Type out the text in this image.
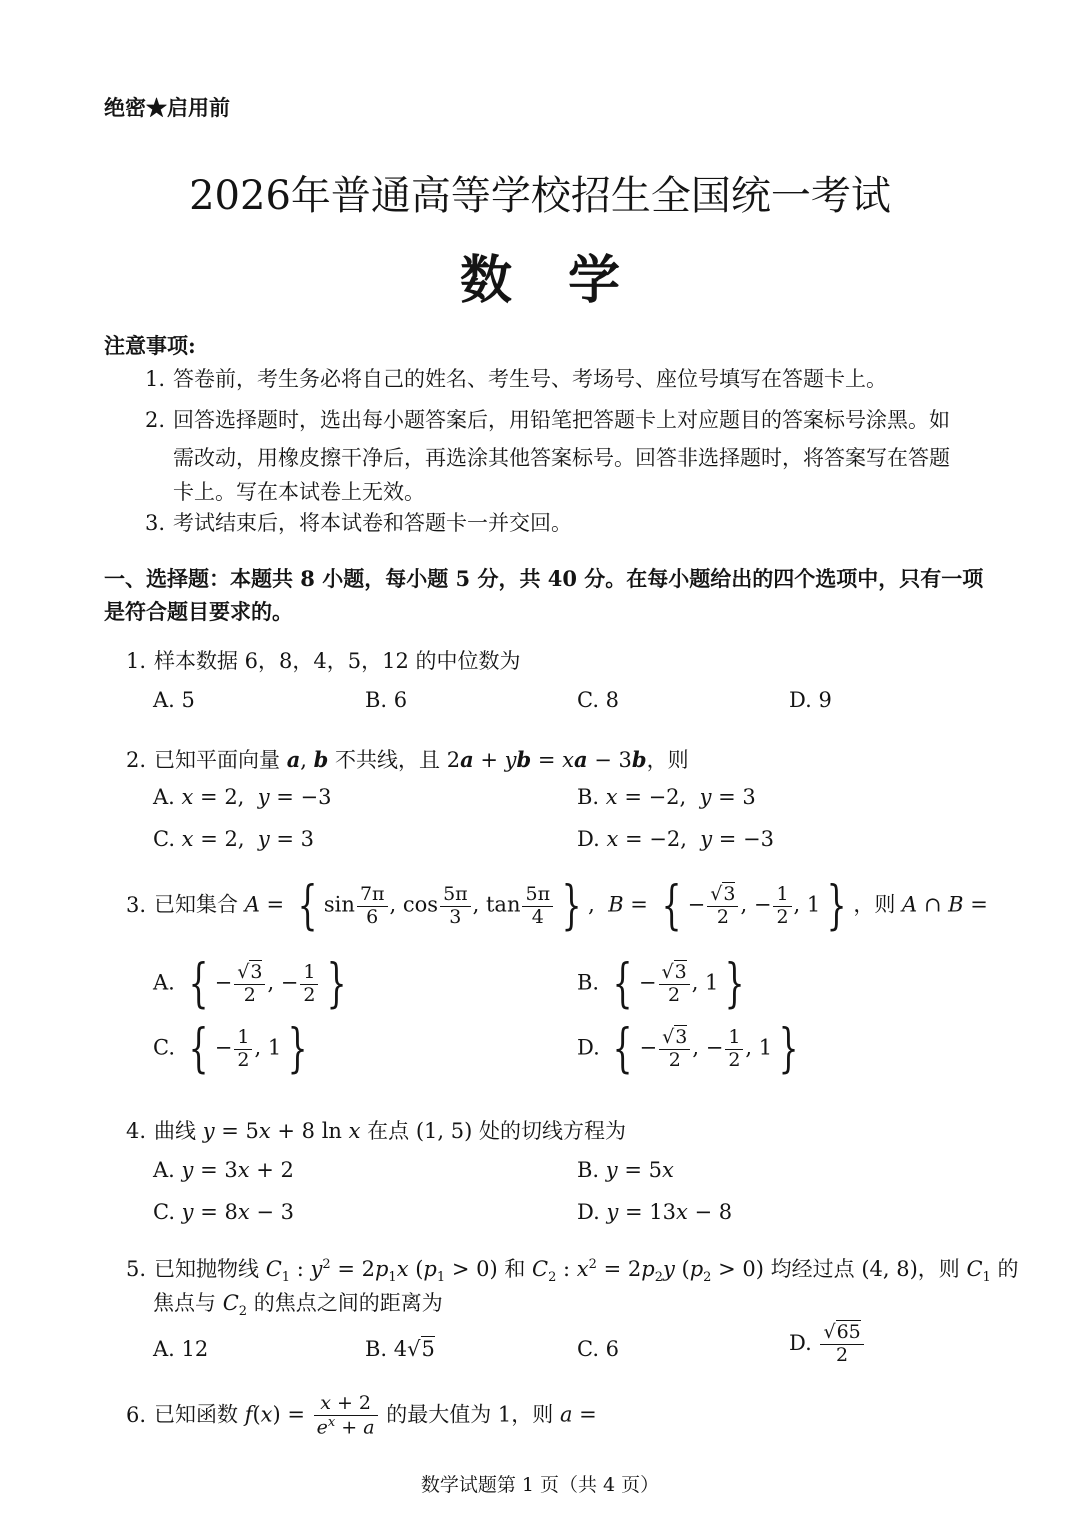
绝密★启用前
2026年普通高等学校招生全国统一考试
数学
注意事项:
1. 答卷前，考生务必将自己的姓名、考生号、考场号、座位号填写在答题卡上。
2. 回答选择题时，选出每小题答案后，用铅笔把答题卡上对应题目的答案标号涂黑。如
需改动，用橡皮擦干净后，再选涂其他答案标号。回答非选择题时，将答案写在答题
卡上。写在本试卷上无效。
3. 考试结束后，将本试卷和答题卡一并交回。
一、选择题：本题共 8 小题，每小题 5 分，共 40 分。在每小题给出的四个选项中，只有一项
是符合题目要求的。
1. 样本数据 6，8，4，5，12 的中位数为
A. 5	B. 6	C. 8	D. 9
2. 已知平面向量 a, b 不共线，且 2a + yb = xa − 3b，则
A. x = 2,  y = −3	B. x = −2,  y = 3
C. x = 2,  y = 3	D. x = −2,  y = −3
3. 已知集合 A = { $\sin \frac{7\pi}{6}$ , $\cos \frac{5\pi}{3}$ , $\tan \frac{5\pi}{4}$ } ,  B = { − $\frac{√3}{2}$ , − $\frac{1}{2}$ , 1 } ，则 A ∩ B =
A. { − $\frac{√3}{2}$ , − $\frac{1}{2}$ }	B. { − $\frac{√3}{2}$ , 1 }
C. { − $\frac{1}{2}$ , 1 }	D. { − $\frac{√3}{2}$ , − $\frac{1}{2}$ , 1 }
4. 曲线 y = 5x + 8 ln x 在点 (1, 5) 处的切线方程为
A. y = 3x + 2	B. y = 5x
C. y = 8x − 3	D. y = 13x − 8
5. 已知抛物线 $C_1$ : $y^2 = 2p_1x$ $(p_1 > 0)$ 和 $C_2$ : $x^2 = 2p_2y$ $(p_2 > 0)$ 均经过点 (4, 8)，则 $C_1$ 的
焦点与 $C_2$ 的焦点之间的距离为
A. 12	B. 4√5	C. 6	D. $\frac{√65}{2}$
6. 已知函数 $f(x) = \frac{x + 2}{e^x + a}$ 的最大值为 1，则 a =
数学试题第 1 页（共 4 页）
